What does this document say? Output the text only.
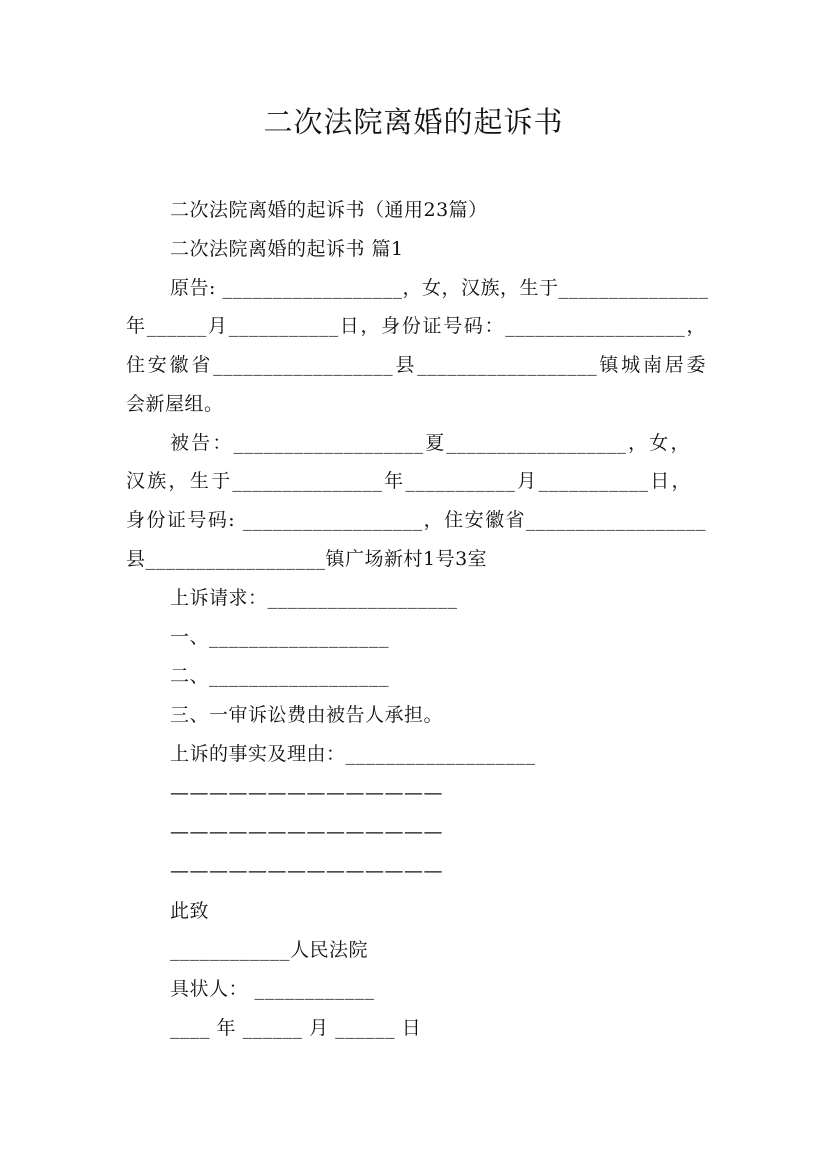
二次法院离婚的起诉书
二次法院离婚的起诉书（通用23篇）
二次法院离婚的起诉书 篇1
原告: __________________，女，汉族，生于_______________
年______月___________日，身份证号码：__________________，
住安徽省__________________县__________________镇城南居委
会新屋组。
被告：___________________夏__________________，女，
汉族，生于_______________年___________月___________日，
身份证号码: __________________，住安徽省__________________
县__________________镇广场新村1号3室
上诉请求：___________________
一、__________________
二、__________________
三、一审诉讼费由被告人承担。
上诉的事实及理由：___________________
——————————————
——————————————
——————————————
此致
____________人民法院
具状人： ____________
____ 年 ______ 月 ______ 日
